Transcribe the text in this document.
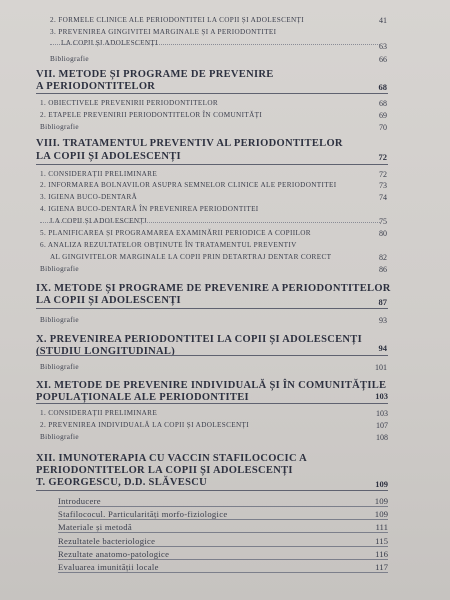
2. FORMELE CLINICE ALE PERIODONTITEI LA COPII ȘI ADOLESCENȚI	41
3. PREVENIREA GINGIVITEI MARGINALE ȘI A PERIODONTITEI
LA COPII ȘI ADOLESCENȚI	63
Bibliografie	66
VII. METODE ȘI PROGRAME DE PREVENIRE
A PERIODONTITELOR	68
1. OBIECTIVELE PREVENIRII PERIODONTITELOR	68
2. ETAPELE PREVENIRII PERIODONTITELOR ÎN COMUNITĂȚI	69
Bibliografie	70
VIII. TRATAMENTUL PREVENTIV AL PERIODONTITELOR
LA COPII ȘI ADOLESCENȚI	72
1. CONSIDERAȚII PRELIMINARE	72
2. INFORMAREA BOLNAVILOR ASUPRA SEMNELOR CLINICE ALE PERIODONTITEI	73
3. IGIENA BUCO-DENTARĂ	74
4. IGIENA BUCO-DENTARĂ ÎN PREVENIREA PERIODONTITEI
LA COPII ȘI ADOLESCENȚI	75
5. PLANIFICAREA ȘI PROGRAMAREA EXAMINĂRII PERIODICE A COPIILOR	80
6. ANALIZA REZULTATELOR OBȚINUTE ÎN TRATAMENTUL PREVENTIV
AL GINGIVITELOR MARGINALE LA COPII PRIN DETARTRAJ DENTAR CORECT	82
Bibliografie	86
IX. METODE ȘI PROGRAME DE PREVENIRE A PERIODONTITELOR
LA COPII ȘI ADOLESCENȚI	87
Bibliografie	93
X. PREVENIREA PERIODONTITEI LA COPII ȘI ADOLESCENȚI
(STUDIU LONGITUDINAL)	94
Bibliografie	101
XI. METODE DE PREVENIRE INDIVIDUALĂ ȘI ÎN COMUNITĂȚILE
POPULAȚIONALE ALE PERIODONTITEI	103
1. CONSIDERAȚII PRELIMINARE	103
2. PREVENIREA INDIVIDUALĂ LA COPII ȘI ADOLESCENȚI	107
Bibliografie	108
XII. IMUNOTERAPIA CU VACCIN STAFILOCOCIC A
PERIODONTITELOR LA COPII ȘI ADOLESCENȚI
T. GEORGESCU, D.D. SLĂVESCU	109
Introducere	109
Stafilococul. Particularități morfo-fiziologice	109
Materiale și metodă	111
Rezultatele bacteriologice	115
Rezultate anatomo-patologice	116
Evaluarea imunității locale	117
